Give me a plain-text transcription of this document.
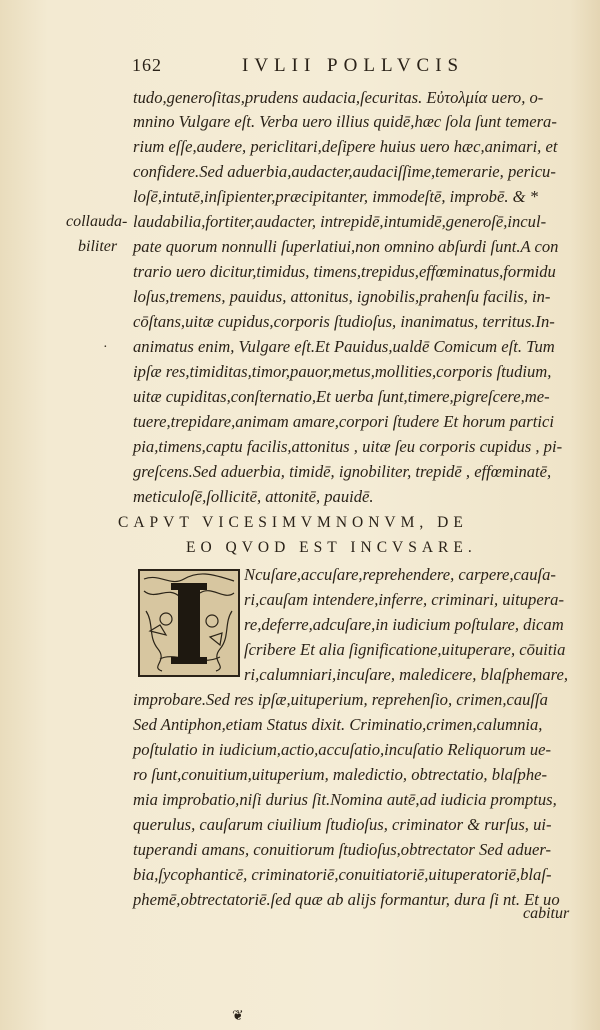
162	IVLII POLLVCIS
tudo,generoſitas,prudens audacia,ſecuritas. Εὐτολμία uero, o-
mnino Vulgare eſt. Verba uero illius quidē,hæc ſola ſunt temera-
rium eſſe,audere, periclitari,deſipere huius uero hæc,animari, et
confidere.Sed aduerbia,audacter,audaciſſime,temerarie, pericu-
loſē,intutē,inſipienter,præcipitanter, immodeſtē, improbē. & *
laudabilia,fortiter,audacter, intrepidē,intumidē,generoſē,incul-
pate quorum nonnulli ſuperlatiui,non omnino abſurdi ſunt.A con
trario uero dicitur,timidus, timens,trepidus,effœminatus,formidu
loſus,tremens, pauidus, attonitus, ignobilis,prahenſu facilis, in-
cōſtans,uitæ cupidus,corporis ſtudioſus, inanimatus, territus.In-
animatus enim, Vulgare eſt.Et Pauidus,ualdē Comicum eſt. Tum
ipſæ res,timiditas,timor,pauor,metus,mollities,corporis ſtudium,
uitæ cupiditas,conſternatio,Et uerba ſunt,timere,pigreſcere,me-
tuere,trepidare,animam amare,corpori ſtudere Et horum partici
pia,timens,captu facilis,attonitus , uitæ ſeu corporis cupidus , pi-
greſcens.Sed aduerbia, timidē, ignobiliter, trepidē , effœminatē,
meticuloſē,ſollicitē, attonitē, pauidē.
collauda-
biliter
·
CAPVT VICESIMVMNONVM, DE
EO QVOD EST INCVSARE.
Ncuſare,accuſare,reprehendere, carpere,cauſa-
ri,cauſam intendere,inferre, criminari, uitupera-
re,deferre,adcuſare,in iudicium poſtulare, dicam
ſcribere Et alia ſignificatione,uituperare, cōuitia
ri,calumniari,incuſare, maledicere, blaſphemare,
improbare.Sed res ipſæ,uituperium, reprehenſio, crimen,cauſſa
Sed Antiphon,etiam Status dixit. Criminatio,crimen,calumnia,
poſtulatio in iudicium,actio,accuſatio,incuſatio Reliquorum ue-
ro ſunt,conuitium,uituperium, maledictio, obtrectatio, blaſphe-
mia improbatio,niſi durius ſit.Nomina autē,ad iudicia promptus,
querulus, cauſarum ciuilium ſtudioſus, criminator & rurſus, ui-
tuperandi amans, conuitiorum ſtudioſus,obtrectator Sed aduer-
bia,ſycophanticē, criminatoriē,conuitiatoriē,uituperatoriē,blaſ-
phemē,obtrectatoriē.ſed quæ ab alijs formantur, dura ſi nt. Et uo
cabitur
❦
